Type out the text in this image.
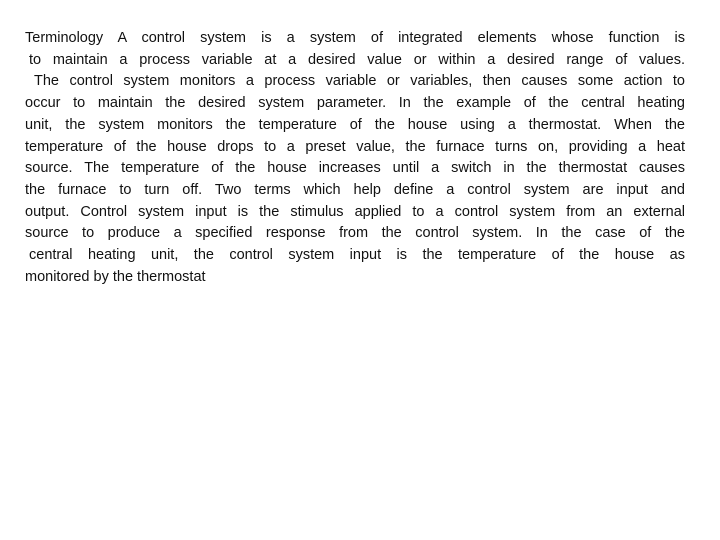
Terminology A control system is a system of integrated elements whose function is
to maintain a process variable at a desired value or within a desired range of values.
The control system monitors a process variable or variables, then causes some action to
occur to maintain the desired system parameter. In the example of the central heating
unit, the system monitors the temperature of the house using a thermostat. When the
temperature of the house drops to a preset value, the furnace turns on, providing a heat
source. The temperature of the house increases until a switch in the thermostat causes
the furnace to turn off. Two terms which help define a control system are input and
output. Control system input is the stimulus applied to a control system from an external
source to produce a specified response from the control system. In the case of the
central heating unit, the control system input is the temperature of the house as
monitored by the thermostat
